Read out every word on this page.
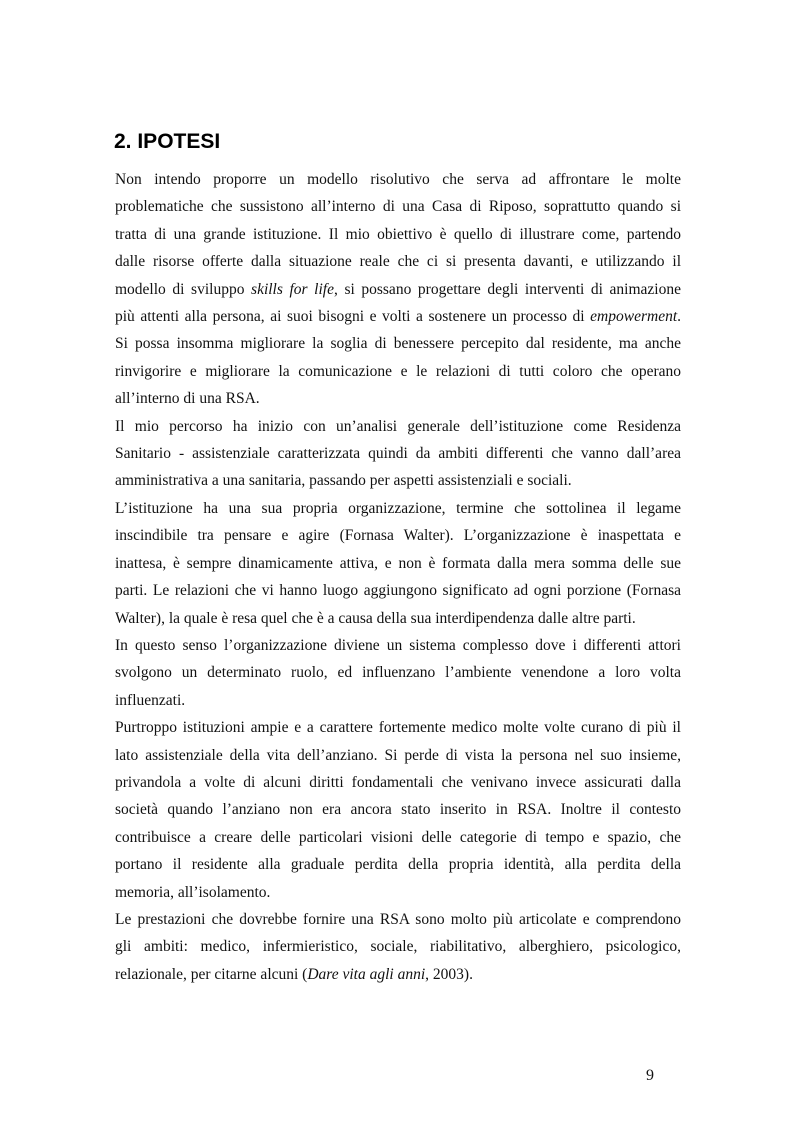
2. IPOTESI

Non intendo proporre un modello risolutivo che serva ad affrontare le molte
problematiche che sussistono all’interno di una Casa di Riposo, soprattutto quando si
tratta di una grande istituzione. Il mio obiettivo è quello di illustrare come, partendo
dalle risorse offerte dalla situazione reale che ci si presenta davanti, e utilizzando il
modello di sviluppo skills for life, si possano progettare degli interventi di animazione
più attenti alla persona, ai suoi bisogni e volti a sostenere un processo di empowerment.
Si possa insomma migliorare la soglia di benessere percepito dal residente, ma anche
rinvigorire e migliorare la comunicazione e le relazioni di tutti coloro che operano
all’interno di una RSA.

Il mio percorso ha inizio con un’analisi generale dell’istituzione come Residenza
Sanitario - assistenziale caratterizzata quindi da ambiti differenti che vanno dall’area
amministrativa a una sanitaria, passando per aspetti assistenziali e sociali.

L’istituzione ha una sua propria organizzazione, termine che sottolinea il legame
inscindibile tra pensare e agire (Fornasa Walter). L’organizzazione è inaspettata e
inattesa, è sempre dinamicamente attiva, e non è formata dalla mera somma delle sue
parti. Le relazioni che vi hanno luogo aggiungono significato ad ogni porzione (Fornasa
Walter), la quale è resa quel che è a causa della sua interdipendenza dalle altre parti.

In questo senso l’organizzazione diviene un sistema complesso dove i differenti attori
svolgono un determinato ruolo, ed influenzano l’ambiente venendone a loro volta
influenzati.

Purtroppo istituzioni ampie e a carattere fortemente medico molte volte curano di più il
lato assistenziale della vita dell’anziano. Si perde di vista la persona nel suo insieme,
privandola a volte di alcuni diritti fondamentali che venivano invece assicurati dalla
società quando l’anziano non era ancora stato inserito in RSA. Inoltre il contesto
contribuisce a creare delle particolari visioni delle categorie di tempo e spazio, che
portano il residente alla graduale perdita della propria identità, alla perdita della
memoria, all’isolamento.

Le prestazioni che dovrebbe fornire una RSA sono molto più articolate e comprendono
gli ambiti: medico, infermieristico, sociale, riabilitativo, alberghiero, psicologico,
relazionale, per citarne alcuni (Dare vita agli anni, 2003).

9
